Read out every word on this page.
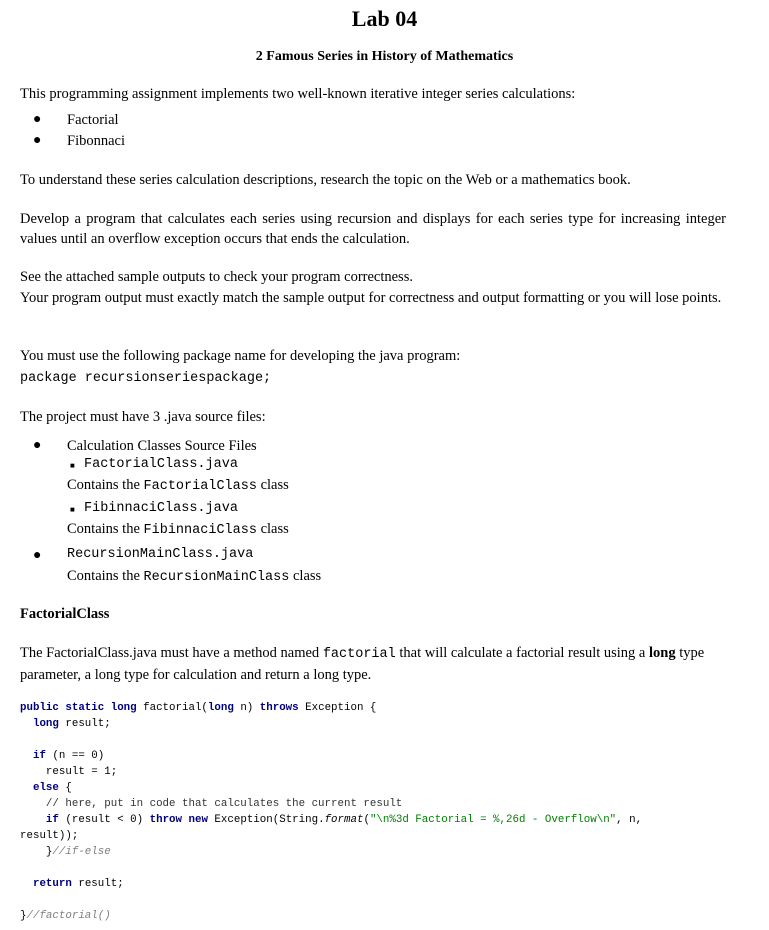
Lab 04
2 Famous Series in History of Mathematics
This programming assignment implements two well-known iterative integer series calculations:
● Factorial
● Fibonnaci
To understand these series calculation descriptions, research the topic on the Web or a mathematics book.
Develop a program that calculates each series using recursion and displays for each series type for increasing integer values until an overflow exception occurs that ends the calculation.
See the attached sample outputs to check your program correctness.
Your program output must exactly match the sample output for correctness and output formatting or you will lose points.
You must use the following package name for developing the java program:
package recursionseriespackage;
The project must have 3 .java source files:
● Calculation Classes Source Files
■ FactorialClass.java
Contains the FactorialClass class
■ FibinnaciClass.java
Contains the FibinnaciClass class
● RecursionMainClass.java
Contains the RecursionMainClass class
FactorialClass
The FactorialClass.java must have a method named factorial that will calculate a factorial result using a long type parameter, a long type for calculation and return a long type.
public static long factorial(long n) throws Exception {
long result;

if (n == 0)
result = 1;
else {
// here, put in code that calculates the current result
if (result < 0) throw new Exception(String.format("\n%3d Factorial = %,26d - Overflow\n", n,
result));
}//if-else

return result;

}//factorial()
